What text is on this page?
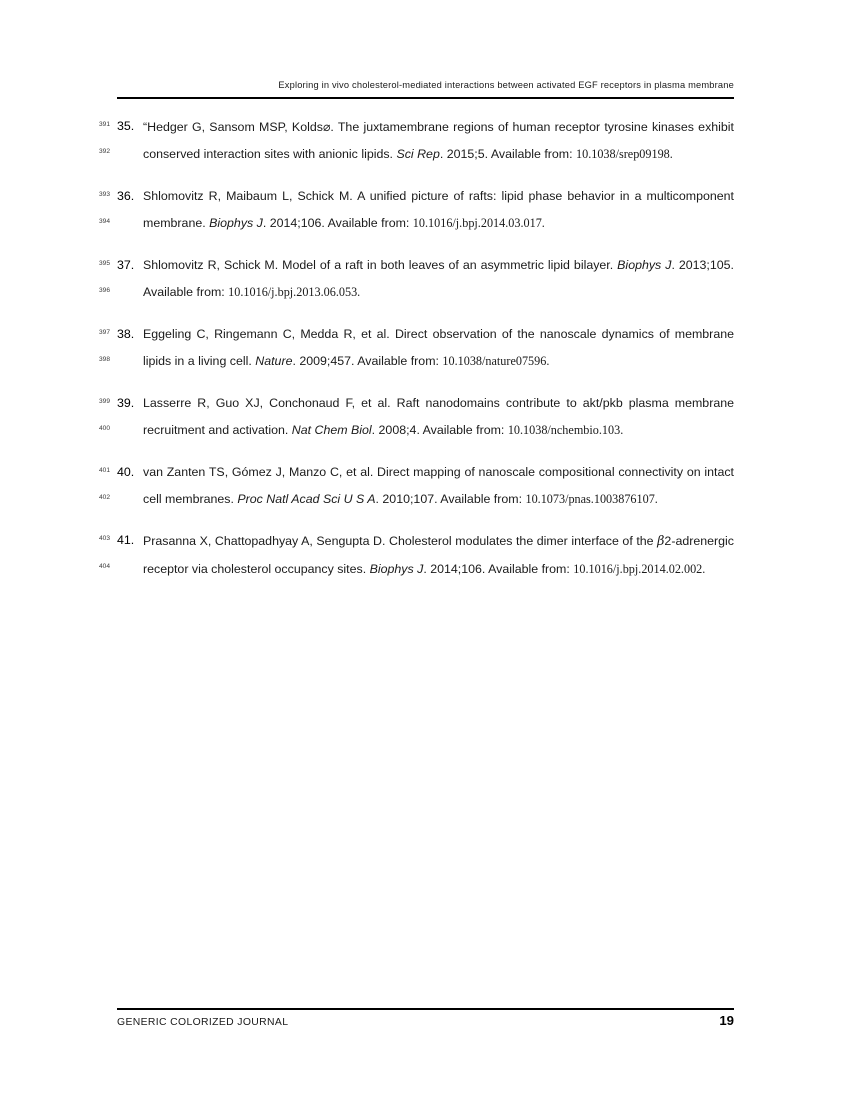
Exploring in vivo cholesterol-mediated interactions between activated EGF receptors in plasma membrane
391
392
393
394
395
396
397
398
399
400
401
402
403
404
35. “Hedger G, Sansom MSP, Kolds⌀. The juxtamembrane regions of human receptor tyrosine kinases exhibit conserved interaction sites with anionic lipids. Sci Rep. 2015;5. Available from: 10.1038/srep09198.
36. Shlomovitz R, Maibaum L, Schick M. A unified picture of rafts: lipid phase behavior in a multicomponent membrane. Biophys J. 2014;106. Available from: 10.1016/j.bpj.2014.03.017.
37. Shlomovitz R, Schick M. Model of a raft in both leaves of an asymmetric lipid bilayer. Biophys J. 2013;105. Available from: 10.1016/j.bpj.2013.06.053.
38. Eggeling C, Ringemann C, Medda R, et al. Direct observation of the nanoscale dynamics of membrane lipids in a living cell. Nature. 2009;457. Available from: 10.1038/nature07596.
39. Lasserre R, Guo XJ, Conchonaud F, et al. Raft nanodomains contribute to akt/pkb plasma membrane recruitment and activation. Nat Chem Biol. 2008;4. Available from: 10.1038/nchembio.103.
40. van Zanten TS, Gómez J, Manzo C, et al. Direct mapping of nanoscale compositional connectivity on intact cell membranes. Proc Natl Acad Sci U S A. 2010;107. Available from: 10.1073/pnas.1003876107.
41. Prasanna X, Chattopadhyay A, Sengupta D. Cholesterol modulates the dimer interface of the β2-adrenergic receptor via cholesterol occupancy sites. Biophys J. 2014;106. Available from: 10.1016/j.bpj.2014.02.002.
GENERIC COLORIZED JOURNAL	19
